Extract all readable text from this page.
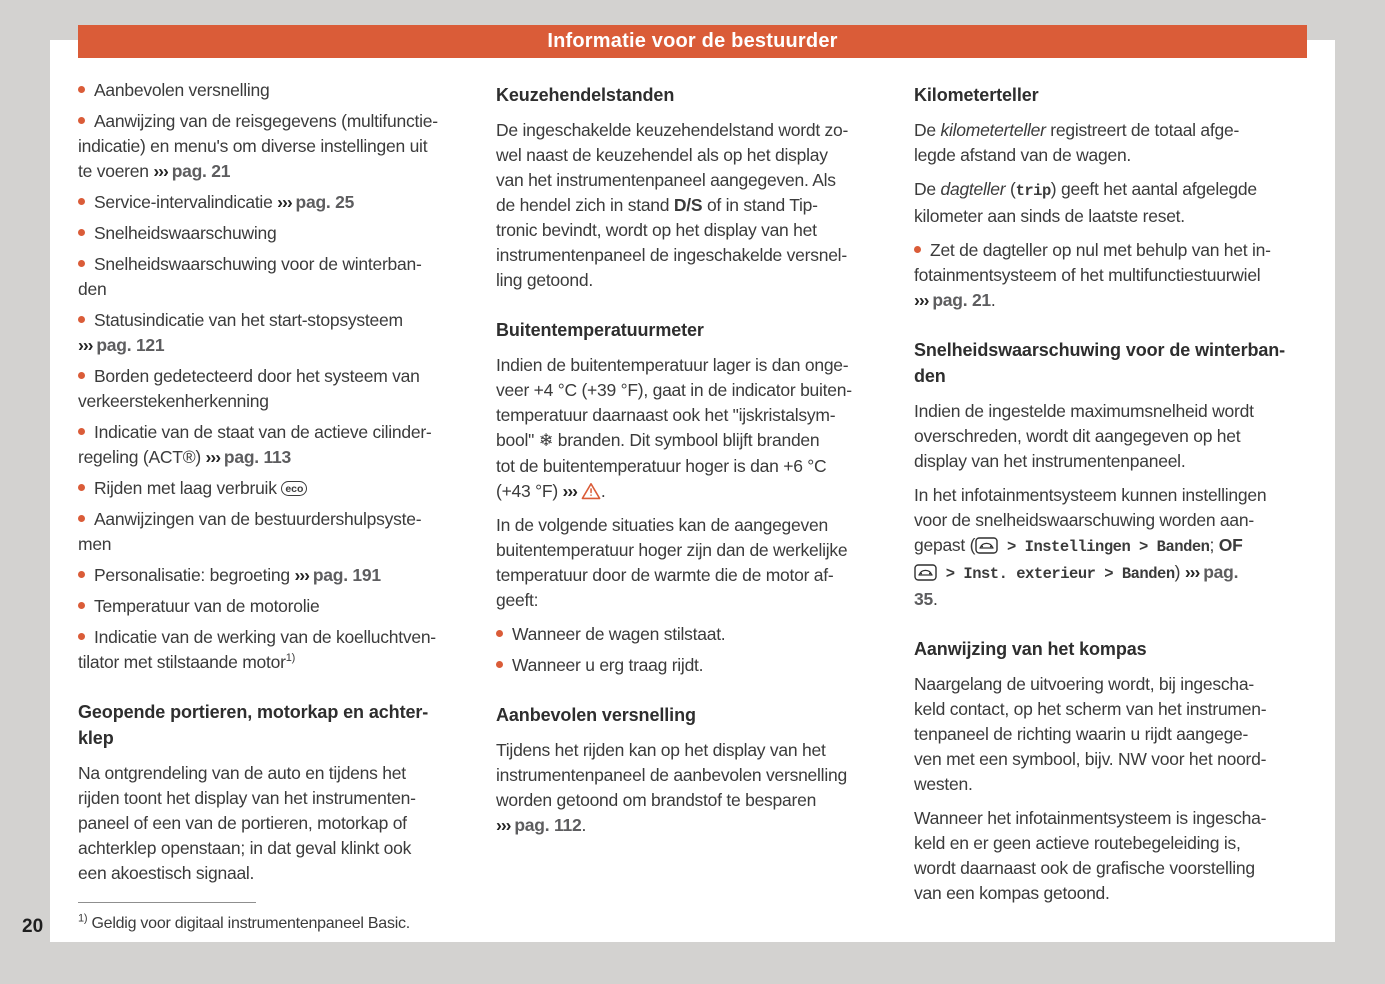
Informatie voor de bestuurder
Aanbevolen versnelling
Aanwijzing van de reisgegevens (multifunctie-
indicatie) en menu's om diverse instellingen uit
te voeren ››› pag. 21
Service-intervalindicatie ››› pag. 25
Snelheidswaarschuwing
Snelheidswaarschuwing voor de winterban-
den
Statusindicatie van het start-stopsysteem
››› pag. 121
Borden gedetecteerd door het systeem van
verkeerstekenherkenning
Indicatie van de staat van de actieve cilinder-
regeling (ACT®) ››› pag. 113
Rijden met laag verbruik eco
Aanwijzingen van de bestuurdershulpsyste-
men
Personalisatie: begroeting ››› pag. 191
Temperatuur van de motorolie
Indicatie van de werking van de koelluchtven-
tilator met stilstaande motor$^{1)}$
Geopende portieren, motorkap en achter-
klep
Na ontgrendeling van de auto en tijdens het
rijden toont het display van het instrumenten-
paneel of een van de portieren, motorkap of
achterklep openstaan; in dat geval klinkt ook
een akoestisch signaal.
$^{1)}$ Geldig voor digitaal instrumentenpaneel Basic.
Keuzehendelstanden
De ingeschakelde keuzehendelstand wordt zo-
wel naast de keuzehendel als op het display
van het instrumentenpaneel aangegeven. Als
de hendel zich in stand D/S of in stand Tip-
tronic bevindt, wordt op het display van het
instrumentenpaneel de ingeschakelde versnel-
ling getoond.
Buitentemperatuurmeter
Indien de buitentemperatuur lager is dan onge-
veer +4 °C (+39 °F), gaat in de indicator buiten-
temperatuur daarnaast ook het "ijskristalsym-
bool" ❄ branden. Dit symbool blijft branden
tot de buitentemperatuur hoger is dan +6 °C
(+43 °F) ››› .
In de volgende situaties kan de aangegeven
buitentemperatuur hoger zijn dan de werkelijke
temperatuur door de warmte die de motor af-
geeft:
Wanneer de wagen stilstaat.
Wanneer u erg traag rijdt.
Aanbevolen versnelling
Tijdens het rijden kan op het display van het
instrumentenpaneel de aanbevolen versnelling
worden getoond om brandstof te besparen
››› pag. 112.
Kilometerteller
De kilometerteller registreert de totaal afge-
legde afstand van de wagen.
De dagteller (trip) geeft het aantal afgelegde
kilometer aan sinds de laatste reset.
Zet de dagteller op nul met behulp van het in-
fotainmentsysteem of het multifunctiestuurwiel
››› pag. 21.
Snelheidswaarschuwing voor de winterban-
den
Indien de ingestelde maximumsnelheid wordt
overschreden, wordt dit aangegeven op het
display van het instrumentenpaneel.
In het infotainmentsysteem kunnen instellingen
voor de snelheidswaarschuwing worden aan-
gepast ( > Instellingen > Banden; OF
> Inst. exterieur > Banden) ››› pag.
35.
Aanwijzing van het kompas
Naargelang de uitvoering wordt, bij ingescha-
keld contact, op het scherm van het instrumen-
tenpaneel de richting waarin u rijdt aangege-
ven met een symbool, bijv. NW voor het noord-
westen.
Wanneer het infotainmentsysteem is ingescha-
keld en er geen actieve routebegeleiding is,
wordt daarnaast ook de grafische voorstelling
van een kompas getoond.
20
